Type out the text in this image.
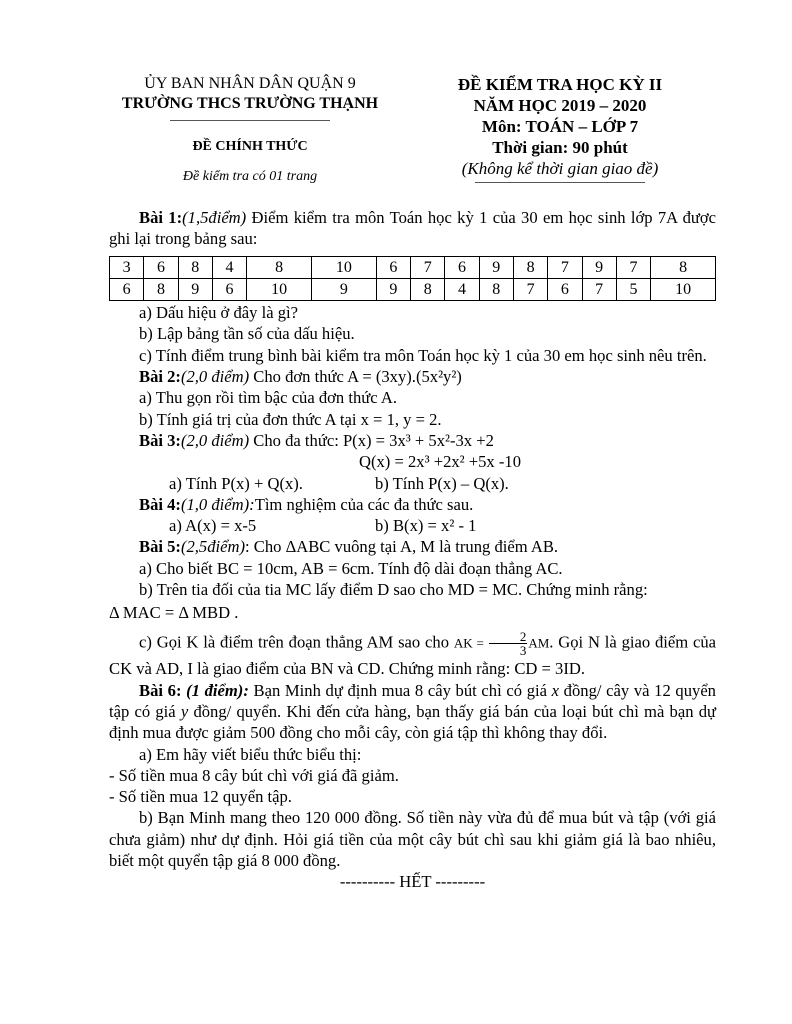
ỦY BAN NHÂN DÂN QUẬN 9
TRƯỜNG THCS TRƯỜNG THẠNH
ĐỀ CHÍNH THỨC
Đề kiểm tra có 01 trang
ĐỀ KIỂM TRA HỌC KỲ II
NĂM HỌC 2019 – 2020
Môn: TOÁN – LỚP 7
Thời gian: 90 phút
(Không kể thời gian giao đề)

Bài 1:(1,5điểm) Điểm kiểm tra môn Toán học kỳ 1 của 30 em học sinh lớp 7A được ghi lại trong bảng sau:

3	6	8	4	8	10	6	7	6	9	8	7	9	7	8
6	8	9	6	10	9	9	8	4	8	7	6	7	5	10

a) Dấu hiệu ở đây là gì?

b) Lập bảng tần số của dấu hiệu.

c) Tính điểm trung bình bài kiểm tra môn Toán học kỳ 1 của 30 em học sinh nêu trên.

Bài 2:(2,0 điểm) Cho đơn thức A = (3xy).(5x²y²)

a) Thu gọn rồi tìm bậc của đơn thức A.

b) Tính giá trị của đơn thức A tại x = 1, y = 2.

Bài 3:(2,0 điểm) Cho đa thức: P(x) = 3x³ + 5x²-3x +2

Q(x) = 2x³ +2x² +5x -10

a) Tính P(x) + Q(x).	b) Tính P(x) – Q(x).

Bài 4:(1,0 điểm):Tìm nghiệm của các đa thức sau.

a) A(x) = x-5	b) B(x) = x² - 1

Bài 5:(2,5điểm): Cho ΔABC vuông tại A, M là trung điểm AB.

a) Cho biết BC = 10cm, AB = 6cm. Tính độ dài đoạn thẳng AC.

b) Trên tia đối của tia MC lấy điểm D sao cho MD = MC. Chứng minh rằng:

Δ MAC = Δ MBD .

c) Gọi K là điểm trên đoạn thẳng AM sao cho AK = $\frac{2}{3}$ AM. Gọi N là giao điểm của CK và AD, I là giao điểm của BN và CD. Chứng minh rằng: CD = 3ID.

Bài 6: (1 điểm): Bạn Minh dự định mua 8 cây bút chì có giá x đồng/ cây và 12 quyển tập có giá y đồng/ quyển. Khi đến cửa hàng, bạn thấy giá bán của loại bút chì mà bạn dự định mua được giảm 500 đồng cho mỗi cây, còn giá tập thì không thay đổi.

a) Em hãy viết biểu thức biểu thị:

- Số tiền mua 8 cây bút chì với giá đã giảm.

- Số tiền mua 12 quyển tập.

b) Bạn Minh mang theo 120 000 đồng. Số tiền này vừa đủ để mua bút và tập (với giá chưa giảm) như dự định. Hỏi giá tiền của một cây bút chì sau khi giảm giá là bao nhiêu, biết một quyển tập giá 8 000 đồng.

---------- HẾT ---------
